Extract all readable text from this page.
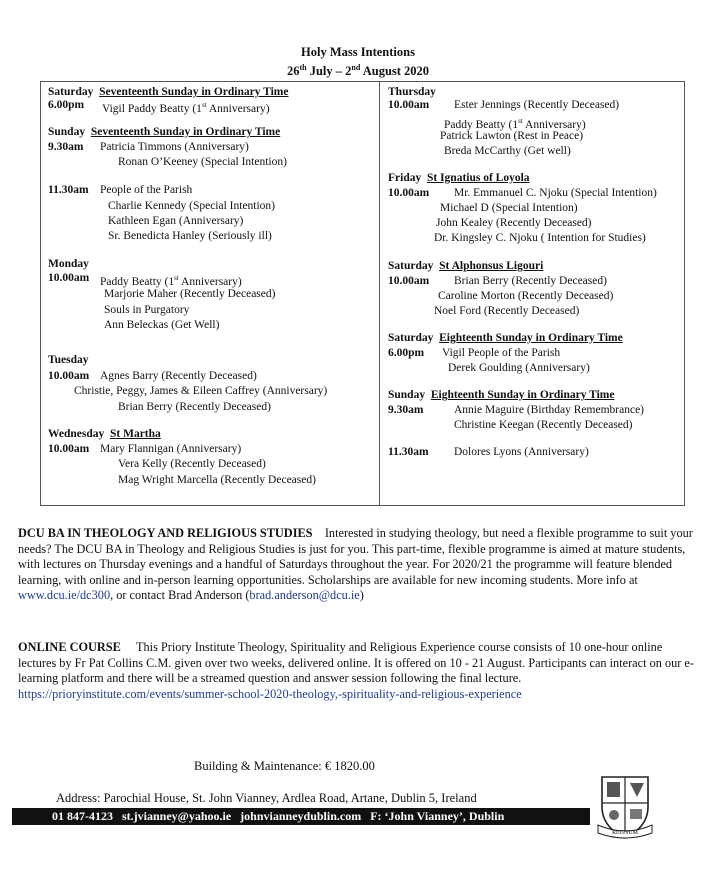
Holy Mass Intentions
26th July – 2nd August 2020
Saturday Seventeenth Sunday in Ordinary Time
6.00pm Vigil Paddy Beatty (1st Anniversary)
Sunday Seventeenth Sunday in Ordinary Time
9.30am Patricia Timmons (Anniversary)
Ronan O’Keeney (Special Intention)
11.30am People of the Parish
Charlie Kennedy (Special Intention)
Kathleen Egan (Anniversary)
Sr. Benedicta Hanley (Seriously ill)
Monday
10.00am Paddy Beatty (1st Anniversary)
Marjorie Maher (Recently Deceased)
Souls in Purgatory
Ann Beleckas (Get Well)
Tuesday
10.00am Agnes Barry (Recently Deceased)
Christie, Peggy, James & Eileen Caffrey (Anniversary)
Brian Berry (Recently Deceased)
Wednesday St Martha
10.00am Mary Flannigan (Anniversary)
Vera Kelly (Recently Deceased)
Mag Wright Marcella (Recently Deceased)
Thursday
10.00am Ester Jennings (Recently Deceased)
Paddy Beatty (1st Anniversary)
Patrick Lawton (Rest in Peace)
Breda McCarthy (Get well)
Friday St Ignatius of Loyola
10.00am Mr. Emmanuel C. Njoku (Special Intention)
Michael D (Special Intention)
John Kealey (Recently Deceased)
Dr. Kingsley C. Njoku ( Intention for Studies)
Saturday St Alphonsus Ligouri
10.00am Brian Berry (Recently Deceased)
Caroline Morton (Recently Deceased)
Noel Ford (Recently Deceased)
Saturday Eighteenth Sunday in Ordinary Time
6.00pm Vigil People of the Parish
Derek Goulding (Anniversary)
Sunday Eighteenth Sunday in Ordinary Time
9.30am	Annie Maguire (Birthday Remembrance)
Christine Keegan (Recently Deceased)
11.30am Dolores Lyons (Anniversary)
DCU BA IN THEOLOGY AND RELIGIOUS STUDIES Interested in studying theology, but need a flexible programme to suit your needs? The DCU BA in Theology and Religious Studies is just for you. This part-time, flexible programme is aimed at mature students, with lectures on Thursday evenings and a handful of Saturdays throughout the year. For 2020/21 the programme will feature blended learning, with online and in-person learning opportunities. Scholarships are available for new incoming students. More info at www.dcu.ie/dc300, or contact Brad Anderson (brad.anderson@dcu.ie)
ONLINE COURSE This Priory Institute Theology, Spirituality and Religious Experience course consists of 10 one-hour online lectures by Fr Pat Collins C.M. given over two weeks, delivered online. It is offered on 10 - 21 August. Participants can interact on our e-learning platform and there will be a streamed question and answer session following the final lecture. https://prioryinstitute.com/events/summer-school-2020-theology,-spirituality-and-religious-experience
Building & Maintenance: € 1820.00
Address: Parochial House, St. John Vianney, Ardlea Road, Artane, Dublin 5, Ireland
01 847-4123 st.jvianney@yahoo.ie johnvianneydublin.com F: ‘John Vianney’, Dublin
REGNUM
